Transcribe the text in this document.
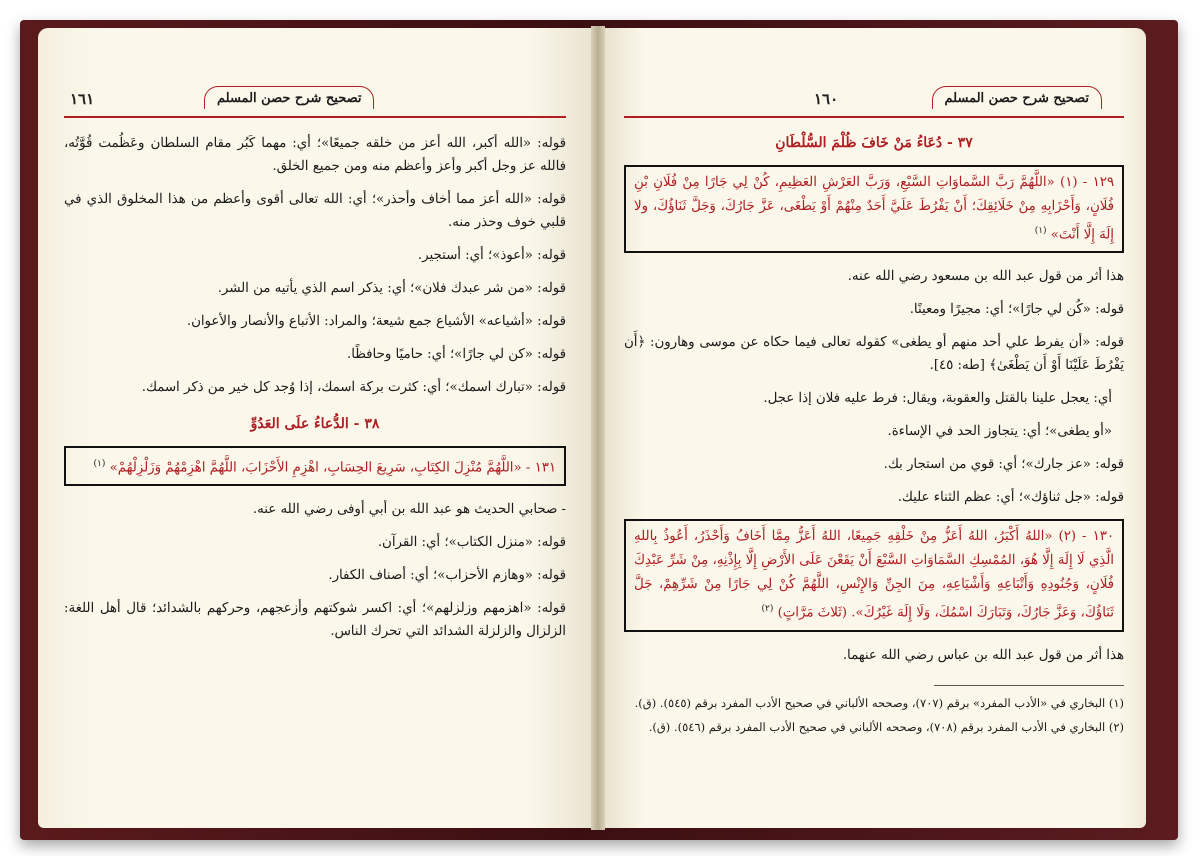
تصحيح شرح حصن المسلم
١٦١

قوله: «الله أكبر، الله أعز من خلقه جميعًا»؛ أي: مهما كَبُر مقام السلطان وعَظُمت قُوَّتُه، فالله عز وجل أكبر وأعز وأعظم منه ومن جميع الخلق.

قوله: «الله أعز مما أخاف وأحذر»؛ أي: الله تعالى أقوى وأعظم من هذا المخلوق الذي في قلبي خوف وحذر منه.

قوله: «أعوذ»؛ أي: أستجير.

قوله: «من شر عبدك فلان»؛ أي: يذكر اسم الذي يأتيه من الشر.

قوله: «أشياعه» الأشياع جمع شيعة؛ والمراد: الأتباع والأنصار والأعوان.

قوله: «كن لي جارًا»؛ أي: حاميًا وحافظًا.

قوله: «تبارك اسمك»؛ أي: كثرت بركة اسمك، إذا وُجد كل خير من ذكر اسمك.

٣٨ - الدُّعاءُ علَى العَدُوِّ
١٣١ - «اللَّهُمَّ مُنْزِلَ الكِتَابِ، سَرِيعَ الحِسَابِ، اهْزِمِ الأَحْزَابَ، اللَّهُمَّ اهْزِمْهُمْ وَزَلْزِلْهُمْ» $^{(١)}$

- صحابي الحديث هو عبد الله بن أبي أوفى رضي الله عنه.

قوله: «منزل الكتاب»؛ أي: القرآن.

قوله: «وهازم الأحزاب»؛ أي: أصناف الكفار.

قوله: «اهزمهم وزلزلهم»؛ أي: اكسر شوكتهم وأزعجهم، وحركهم بالشدائد؛ قال أهل اللغة: الزلزال والزلزلة الشدائد التي تحرك الناس.

تصحيح شرح حصن المسلم
١٦٠
٣٧ - دُعَاءُ مَنْ خَافَ ظُلْمَ السُّلْطَانِ
١٢٩ - (١) «اللَّهُمَّ رَبَّ السَّماوَاتِ السَّبْعِ، وَرَبَّ العَرْشِ العَظِيمِ، كُنْ لِي جَارًا مِنْ فُلَانِ بْنِ فُلَانٍ، وَأَحْزَابِهِ مِنْ خَلَائِقِكَ؛ أَنْ يَفْرُطَ عَلَيَّ أَحَدٌ مِنْهُمْ أَوْ يَطْغَى، عَزَّ جَارُكَ، وَجَلَّ ثَنَاؤُكَ، ولا إِلَهَ إِلَّا أَنْتَ» $^{(١)}$

هذا أثر من قول عبد الله بن مسعود رضي الله عنه.

قوله: «كُن لي جارًا»؛ أي: مجيرًا ومعينًا.

قوله: «أن يفرط علي أحد منهم أو يطغى» كقوله تعالى فيما حكاه عن موسى وهارون: ﴿أَن يَفْرُطَ عَلَيْنَا أَوْ أَن يَطْغَىٰ﴾ [طه: ٤٥].

أي: يعجل علينا بالقتل والعقوبة، ويقال: فرط عليه فلان إذا عجل.

«أو يطغى»؛ أي: يتجاوز الحد في الإساءة.

قوله: «عز جارك»؛ أي: قوي من استجار بك.

قوله: «جل ثناؤك»؛ أي: عظم الثناء عليك.

١٣٠ - (٢) «اللهُ أَكْبَرُ، اللهُ أَعَزُّ مِنْ خَلْقِهِ جَمِيعًا، اللهُ أَعَزُّ مِمَّا أَخَافُ وَأَحْذَرُ، أَعُوذُ بِاللهِ الَّذِي لَا إِلَهَ إِلَّا هُوَ، المُمْسِكِ السَّمَاوَاتِ السَّبْعَ أَنْ يَقَعْنَ عَلَى الأَرْضِ إِلَّا بِإِذْنِهِ، مِنْ شَرِّ عَبْدِكَ فُلَانٍ، وَجُنُودِهِ وَأَتْبَاعِهِ وَأَشْيَاعِهِ، مِنَ الجِنِّ وَالإِنْسِ، اللَّهُمَّ كُنْ لِي جَارًا مِنْ شَرِّهِمْ، جَلَّ ثَنَاؤُكَ، وَعَزَّ جَارُكَ، وَتَبَارَكَ اسْمُكَ، وَلَا إِلَهَ غَيْرُكَ». (ثَلاثَ مَرَّاتٍ) $^{(٢)}$

هذا أثر من قول عبد الله بن عباس رضي الله عنهما.

(١) البخاري في «الأدب المفرد» برقم (٧٠٧)، وصححه الألباني في صحيح الأدب المفرد برقم (٥٤٥). (ق).

(٢) البخاري في الأدب المفرد برقم (٧٠٨)، وصححه الألباني في صحيح الأدب المفرد برقم (٥٤٦). (ق).
